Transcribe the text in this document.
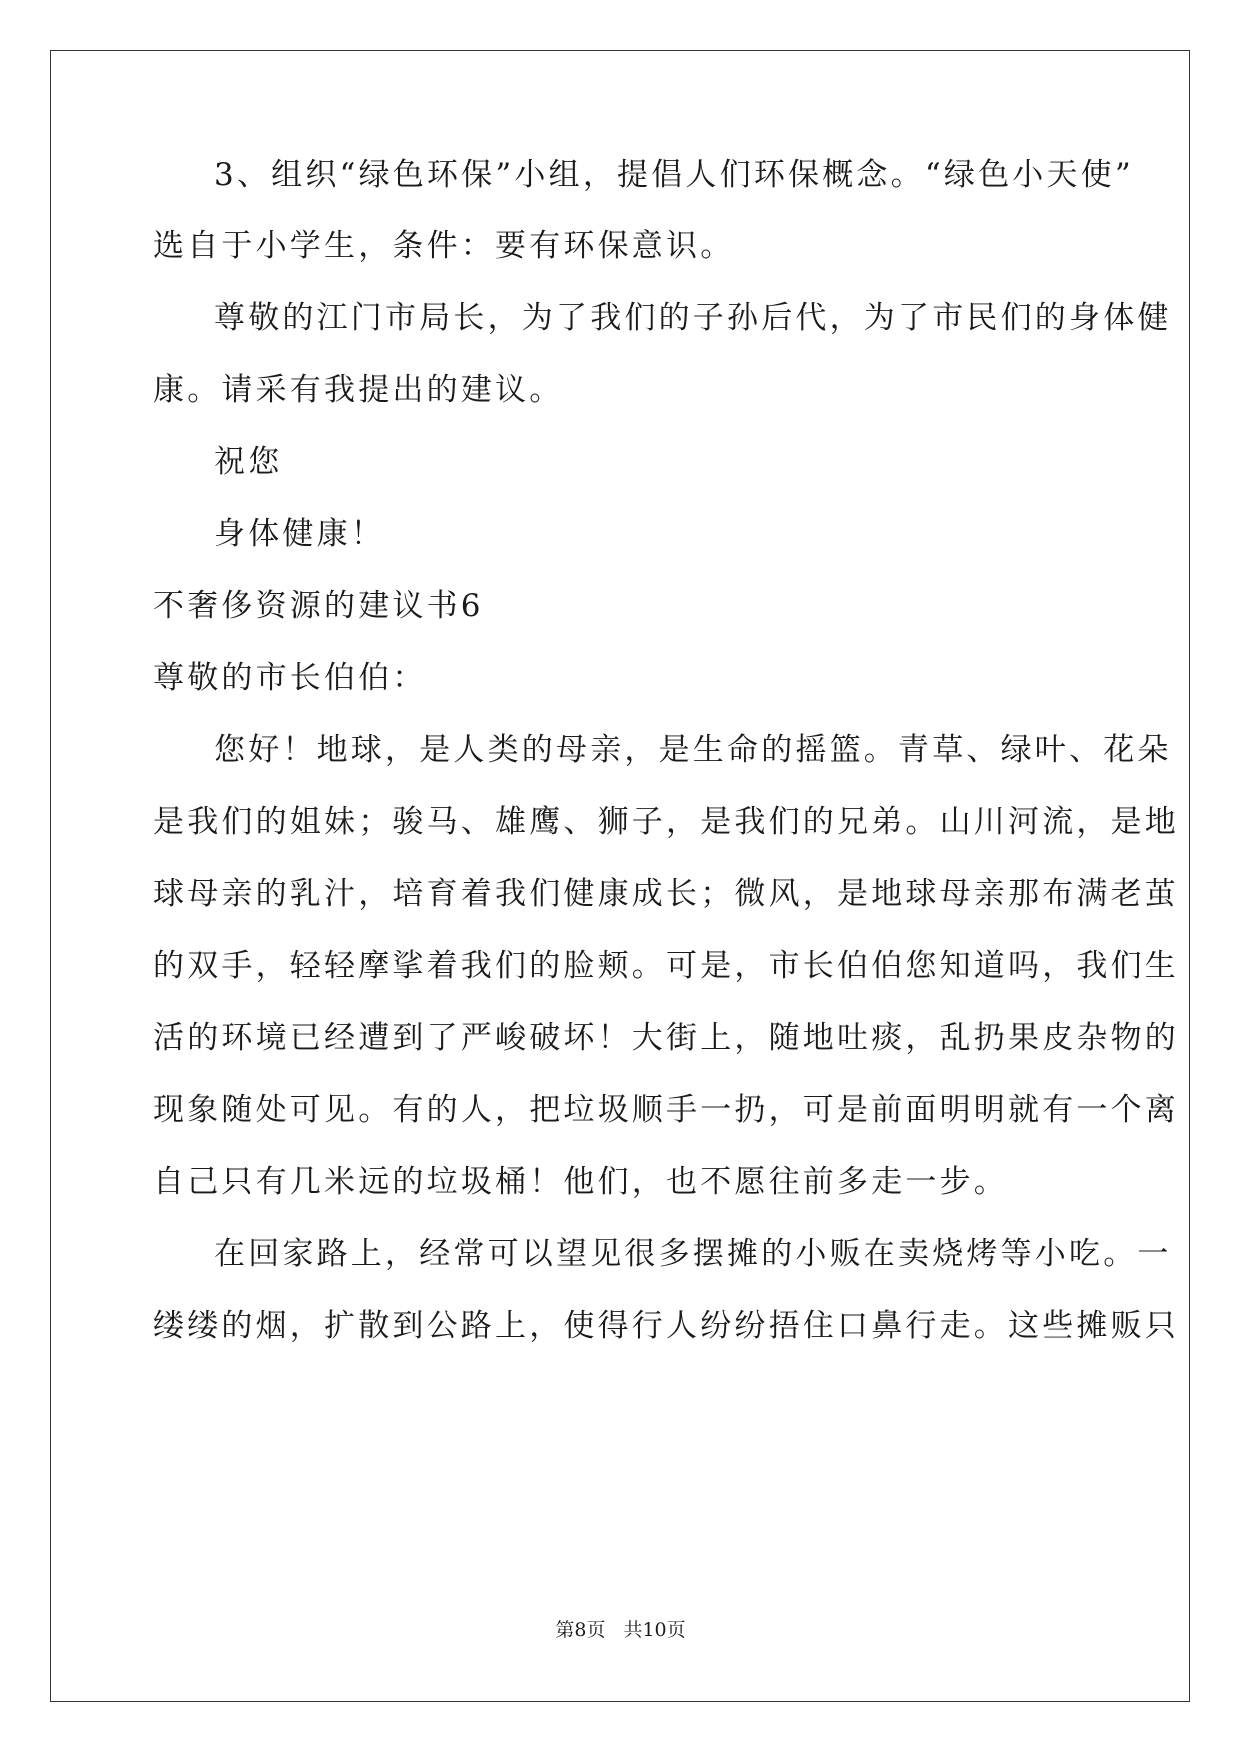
3、组织“绿色环保”小组，提倡人们环保概念。“绿色小天使”
选自于小学生，条件：要有环保意识。
尊敬的江门市局长，为了我们的子孙后代，为了市民们的身体健
康。请采有我提出的建议。
祝您
身体健康！
不奢侈资源的建议书6
尊敬的市长伯伯：
您好！地球，是人类的母亲，是生命的摇篮。青草、绿叶、花朵
是我们的姐妹；骏马、雄鹰、狮子，是我们的兄弟。山川河流，是地
球母亲的乳汁，培育着我们健康成长；微风，是地球母亲那布满老茧
的双手，轻轻摩挲着我们的脸颊。可是，市长伯伯您知道吗，我们生
活的环境已经遭到了严峻破坏！大街上，随地吐痰，乱扔果皮杂物的
现象随处可见。有的人，把垃圾顺手一扔，可是前面明明就有一个离
自己只有几米远的垃圾桶！他们，也不愿往前多走一步。
在回家路上，经常可以望见很多摆摊的小贩在卖烧烤等小吃。一
缕缕的烟，扩散到公路上，使得行人纷纷捂住口鼻行走。这些摊贩只
第8页 共10页
